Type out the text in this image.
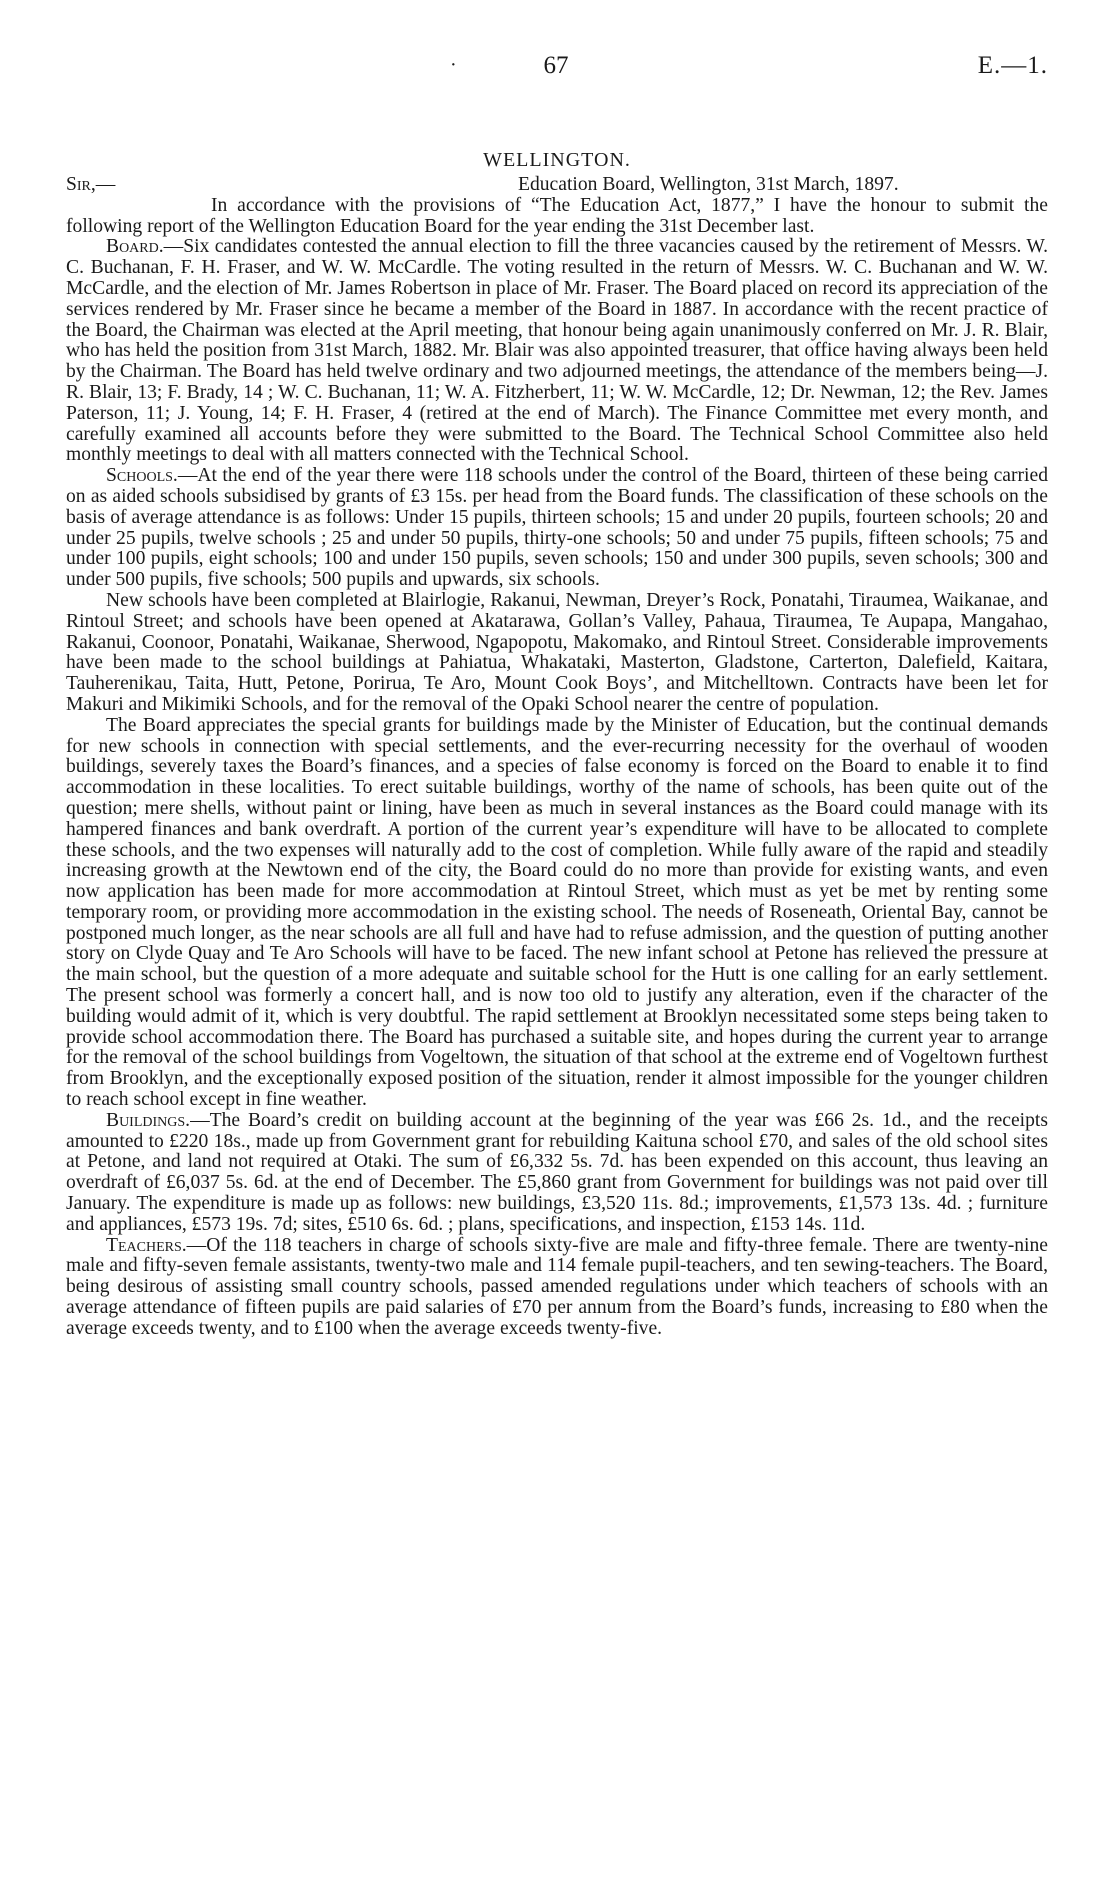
·	67	E.—1.
WELLINGTON.
Sir,—	Education Board, Wellington, 31st March, 1897.

In accordance with the provisions of “The Education Act, 1877,” I have the honour to submit the following report of the Wellington Education Board for the year ending the 31st December last.

Board.—Six candidates contested the annual election to fill the three vacancies caused by the retirement of Messrs. W. C. Buchanan, F. H. Fraser, and W. W. McCardle. The voting resulted in the return of Messrs. W. C. Buchanan and W. W. McCardle, and the election of Mr. James Robertson in place of Mr. Fraser. The Board placed on record its appreciation of the services rendered by Mr. Fraser since he became a member of the Board in 1887. In accordance with the recent practice of the Board, the Chairman was elected at the April meeting, that honour being again unanimously conferred on Mr. J. R. Blair, who has held the position from 31st March, 1882. Mr. Blair was also appointed treasurer, that office having always been held by the Chairman. The Board has held twelve ordinary and two adjourned meetings, the attendance of the members being—J. R. Blair, 13; F. Brady, 14 ; W. C. Buchanan, 11; W. A. Fitzherbert, 11; W. W. McCardle, 12; Dr. Newman, 12; the Rev. James Paterson, 11; J. Young, 14; F. H. Fraser, 4 (retired at the end of March). The Finance Committee met every month, and carefully examined all accounts before they were submitted to the Board. The Technical School Committee also held monthly meetings to deal with all matters connected with the Technical School.

Schools.—At the end of the year there were 118 schools under the control of the Board, thirteen of these being carried on as aided schools subsidised by grants of £3 15s. per head from the Board funds. The classification of these schools on the basis of average attendance is as follows: Under 15 pupils, thirteen schools; 15 and under 20 pupils, fourteen schools; 20 and under 25 pupils, twelve schools ; 25 and under 50 pupils, thirty-one schools; 50 and under 75 pupils, fifteen schools; 75 and under 100 pupils, eight schools; 100 and under 150 pupils, seven schools; 150 and under 300 pupils, seven schools; 300 and under 500 pupils, five schools; 500 pupils and upwards, six schools.

New schools have been completed at Blairlogie, Rakanui, Newman, Dreyer’s Rock, Ponatahi, Tiraumea, Waikanae, and Rintoul Street; and schools have been opened at Akatarawa, Gollan’s Valley, Pahaua, Tiraumea, Te Aupapa, Mangahao, Rakanui, Coonoor, Ponatahi, Waikanae, Sherwood, Ngapopotu, Makomako, and Rintoul Street. Considerable improvements have been made to the school buildings at Pahiatua, Whakataki, Masterton, Gladstone, Carterton, Dalefield, Kaitara, Tauherenikau, Taita, Hutt, Petone, Porirua, Te Aro, Mount Cook Boys’, and Mitchelltown. Contracts have been let for Makuri and Mikimiki Schools, and for the removal of the Opaki School nearer the centre of population.

The Board appreciates the special grants for buildings made by the Minister of Education, but the continual demands for new schools in connection with special settlements, and the ever-recurring necessity for the overhaul of wooden buildings, severely taxes the Board’s finances, and a species of false economy is forced on the Board to enable it to find accommodation in these localities. To erect suitable buildings, worthy of the name of schools, has been quite out of the question; mere shells, without paint or lining, have been as much in several instances as the Board could manage with its hampered finances and bank overdraft. A portion of the current year’s expenditure will have to be allocated to complete these schools, and the two expenses will naturally add to the cost of completion. While fully aware of the rapid and steadily increasing growth at the Newtown end of the city, the Board could do no more than provide for existing wants, and even now application has been made for more accommodation at Rintoul Street, which must as yet be met by renting some temporary room, or providing more accommodation in the existing school. The needs of Roseneath, Oriental Bay, cannot be postponed much longer, as the near schools are all full and have had to refuse admission, and the question of putting another story on Clyde Quay and Te Aro Schools will have to be faced. The new infant school at Petone has relieved the pressure at the main school, but the question of a more adequate and suitable school for the Hutt is one calling for an early settlement. The present school was formerly a concert hall, and is now too old to justify any alteration, even if the character of the building would admit of it, which is very doubtful. The rapid settlement at Brooklyn necessitated some steps being taken to provide school accommodation there. The Board has purchased a suitable site, and hopes during the current year to arrange for the removal of the school buildings from Vogeltown, the situation of that school at the extreme end of Vogeltown furthest from Brooklyn, and the exceptionally exposed position of the situation, render it almost impossible for the younger children to reach school except in fine weather.

Buildings.—The Board’s credit on building account at the beginning of the year was £66 2s. 1d., and the receipts amounted to £220 18s., made up from Government grant for rebuilding Kaituna school £70, and sales of the old school sites at Petone, and land not required at Otaki. The sum of £6,332 5s. 7d. has been expended on this account, thus leaving an overdraft of £6,037 5s. 6d. at the end of December. The £5,860 grant from Government for buildings was not paid over till January. The expenditure is made up as follows: new buildings, £3,520 11s. 8d.; improvements, £1,573 13s. 4d. ; furniture and appliances, £573 19s. 7d; sites, £510 6s. 6d. ; plans, specifications, and inspection, £153 14s. 11d.

Teachers.—Of the 118 teachers in charge of schools sixty-five are male and fifty-three female. There are twenty-nine male and fifty-seven female assistants, twenty-two male and 114 female pupil-teachers, and ten sewing-teachers. The Board, being desirous of assisting small country schools, passed amended regulations under which teachers of schools with an average attendance of fifteen pupils are paid salaries of £70 per annum from the Board’s funds, increasing to £80 when the average exceeds twenty, and to £100 when the average exceeds twenty-five.
